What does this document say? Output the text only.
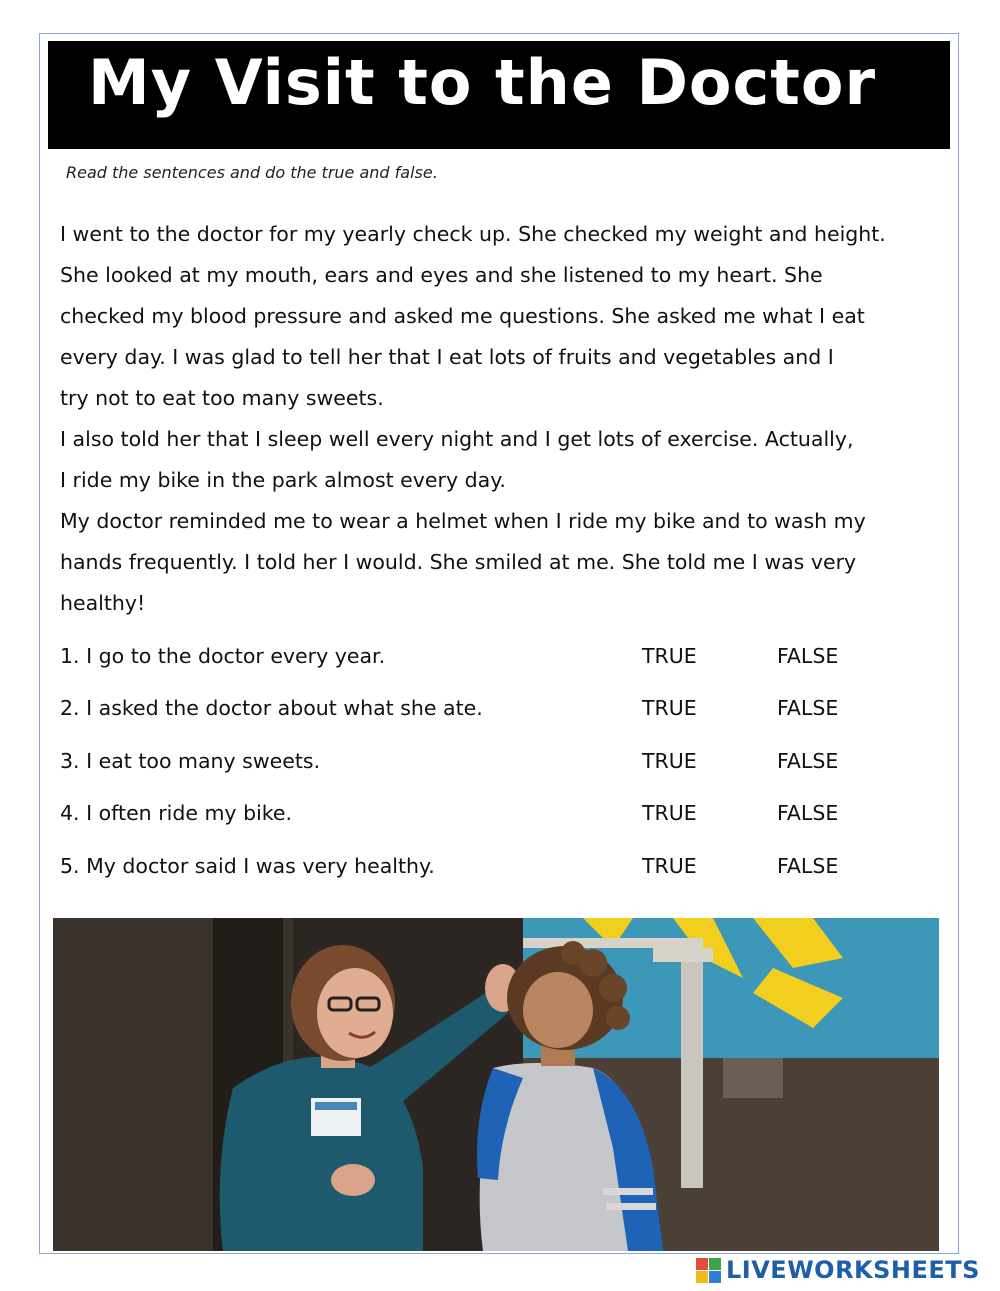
My Visit to the Doctor
Read the sentences and do the true and false.
I went to the doctor for my yearly check up. She checked my weight and height.
She looked at my mouth, ears and eyes and she listened to my heart. She
checked my blood pressure and asked me questions. She asked me what I eat
every day. I was glad to tell her that I eat lots of fruits and vegetables and I
try not to eat too many sweets.
I also told her that I sleep well every night and I get lots of exercise. Actually,
I ride my bike in the park almost every day.
My doctor reminded me to wear a helmet when I ride my bike and to wash my
hands frequently. I told her I would. She smiled at me. She told me I was very
healthy!
1. I go to the doctor every year.	TRUE	FALSE
2. I asked the doctor about what she ate.	TRUE	FALSE
3. I eat too many sweets.	TRUE	FALSE
4. I often ride my bike.	TRUE	FALSE
5. My doctor said I was very healthy.	TRUE	FALSE
LIVEWORKSHEETS
